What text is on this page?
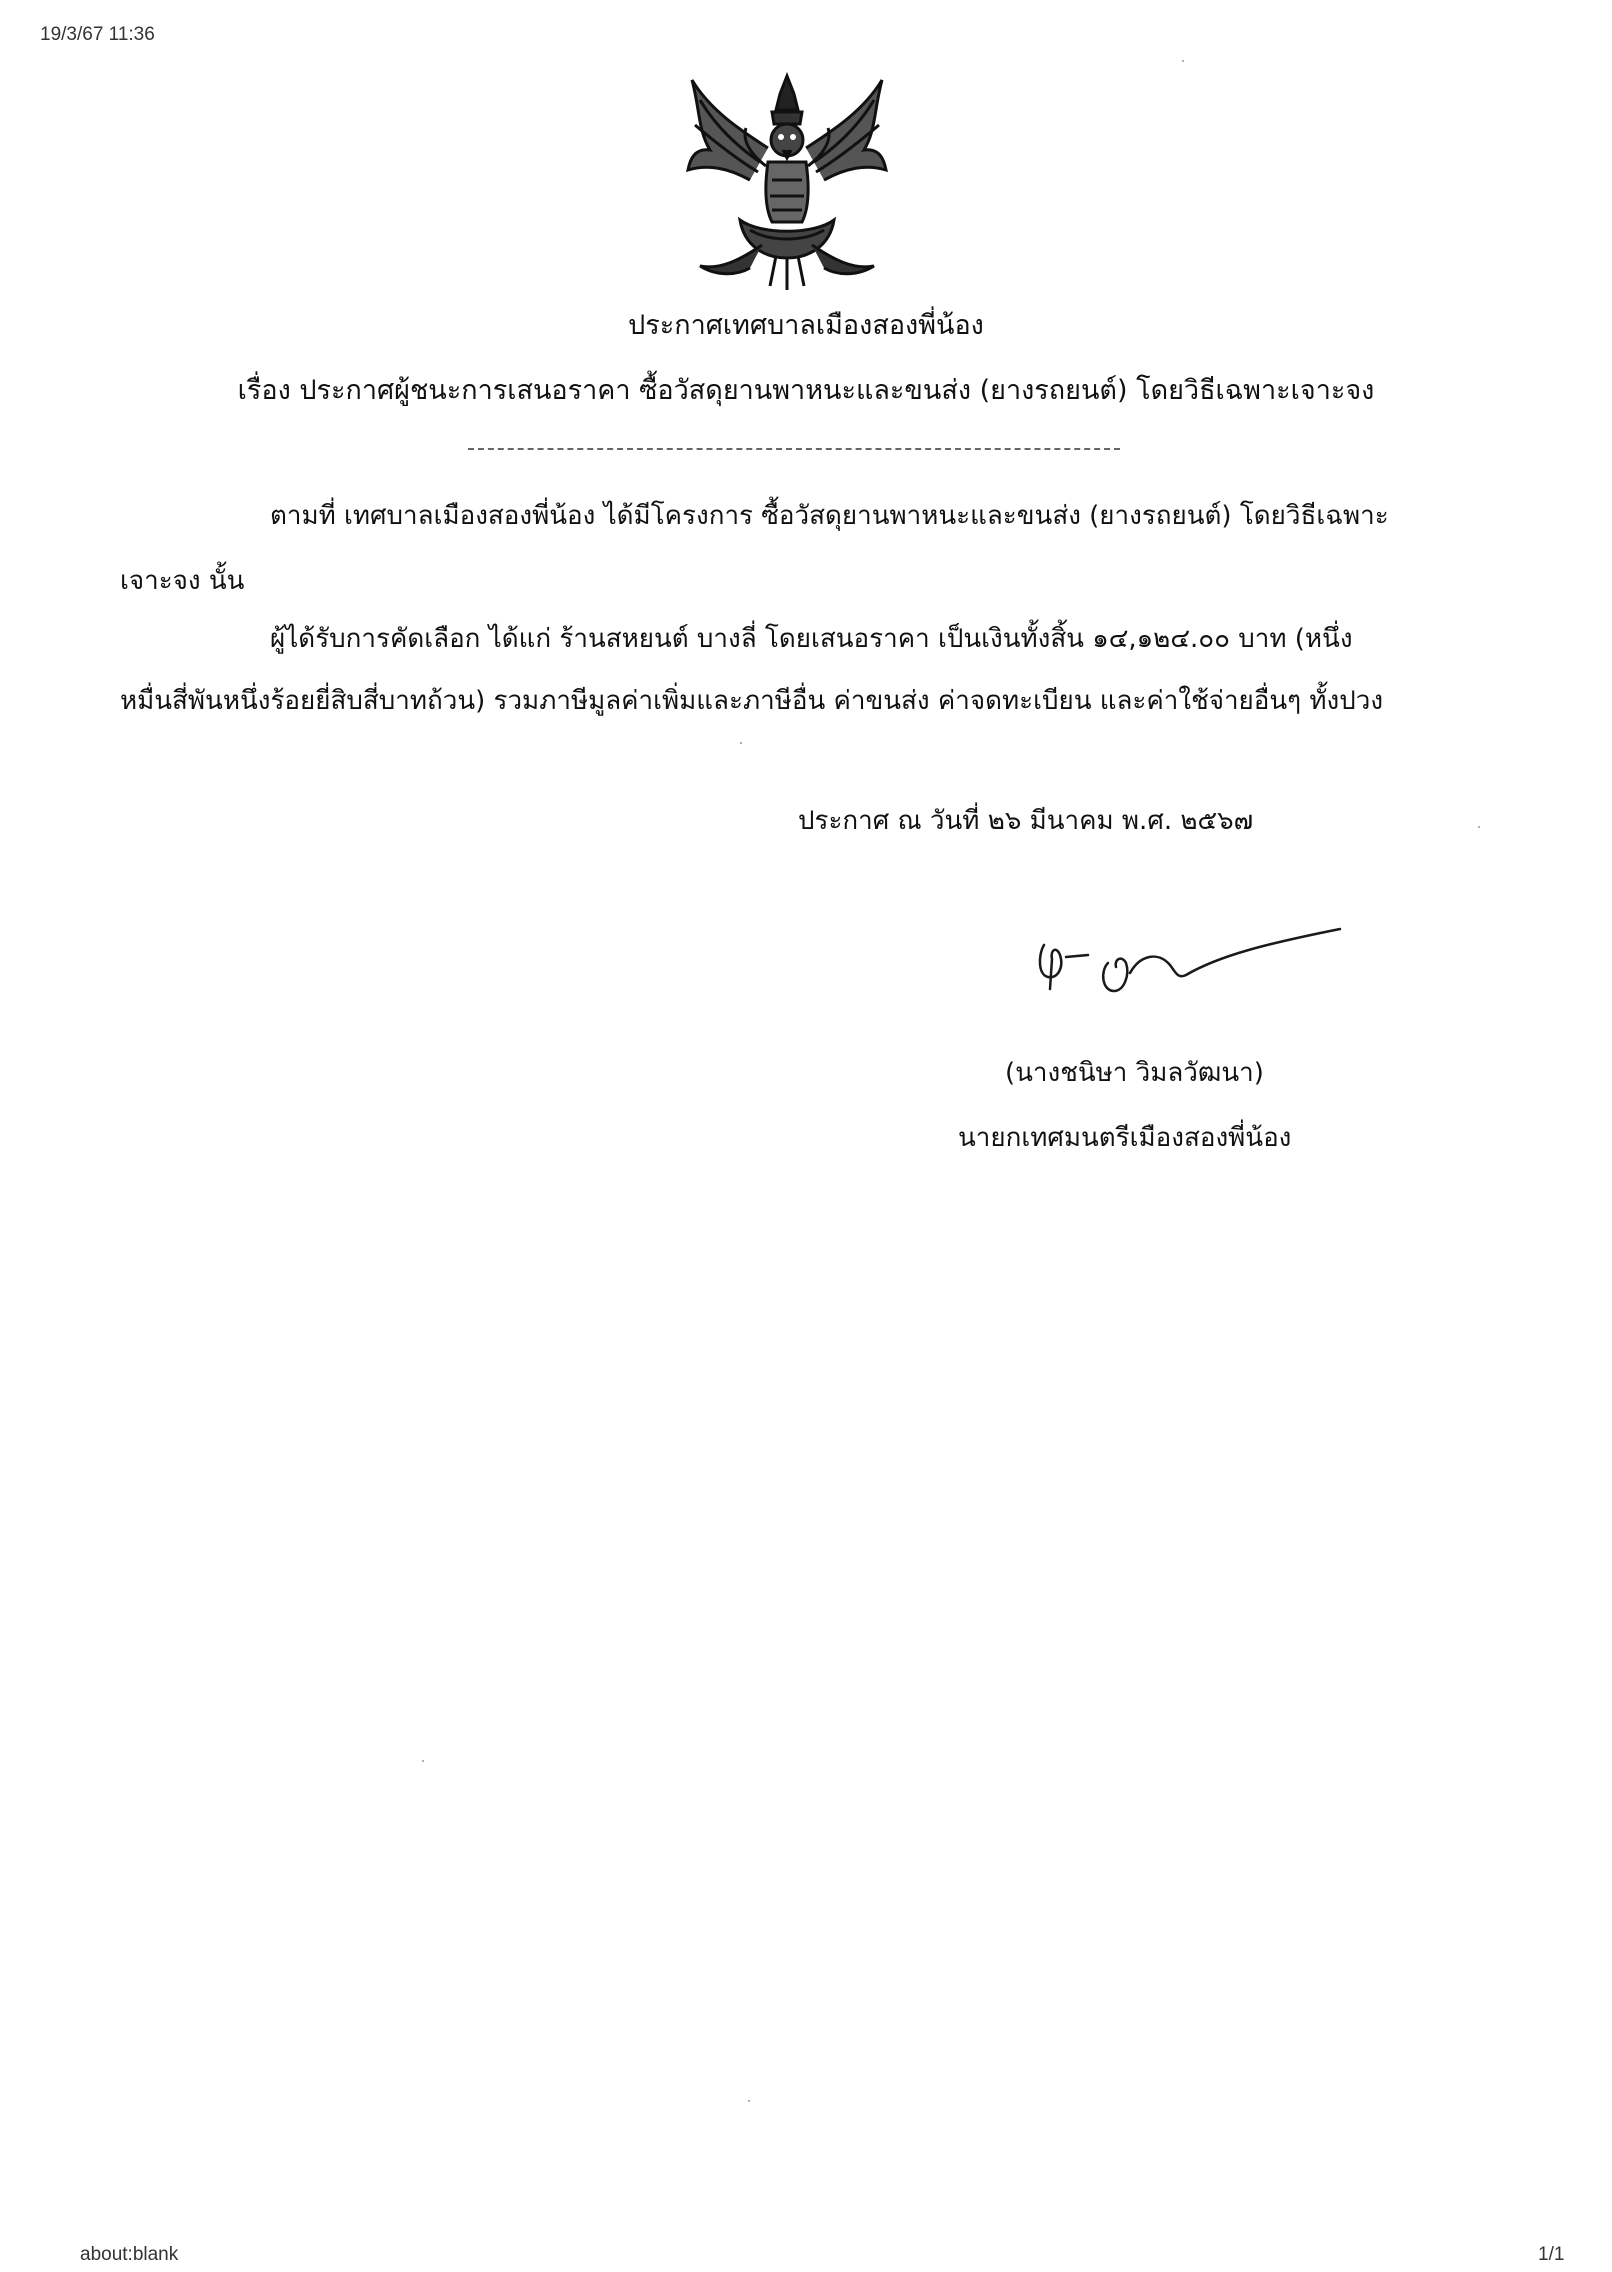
19/3/67 11:36
ประกาศเทศบาลเมืองสองพี่น้อง
เรื่อง ประกาศผู้ชนะการเสนอราคา ซื้อวัสดุยานพาหนะและขนส่ง (ยางรถยนต์) โดยวิธีเฉพาะเจาะจง
ตามที่ เทศบาลเมืองสองพี่น้อง ได้มีโครงการ ซื้อวัสดุยานพาหนะและขนส่ง (ยางรถยนต์) โดยวิธีเฉพาะ
เจาะจง นั้น
ผู้ได้รับการคัดเลือก ได้แก่ ร้านสหยนต์ บางลี่ โดยเสนอราคา เป็นเงินทั้งสิ้น ๑๔,๑๒๔.๐๐ บาท (หนึ่ง
หมื่นสี่พันหนึ่งร้อยยี่สิบสี่บาทถ้วน) รวมภาษีมูลค่าเพิ่มและภาษีอื่น ค่าขนส่ง ค่าจดทะเบียน และค่าใช้จ่ายอื่นๆ ทั้งปวง
ประกาศ ณ วันที่ ๒๖ มีนาคม พ.ศ. ๒๕๖๗
(นางชนิษา วิมลวัฒนา)
นายกเทศมนตรีเมืองสองพี่น้อง
about:blank	1/1
